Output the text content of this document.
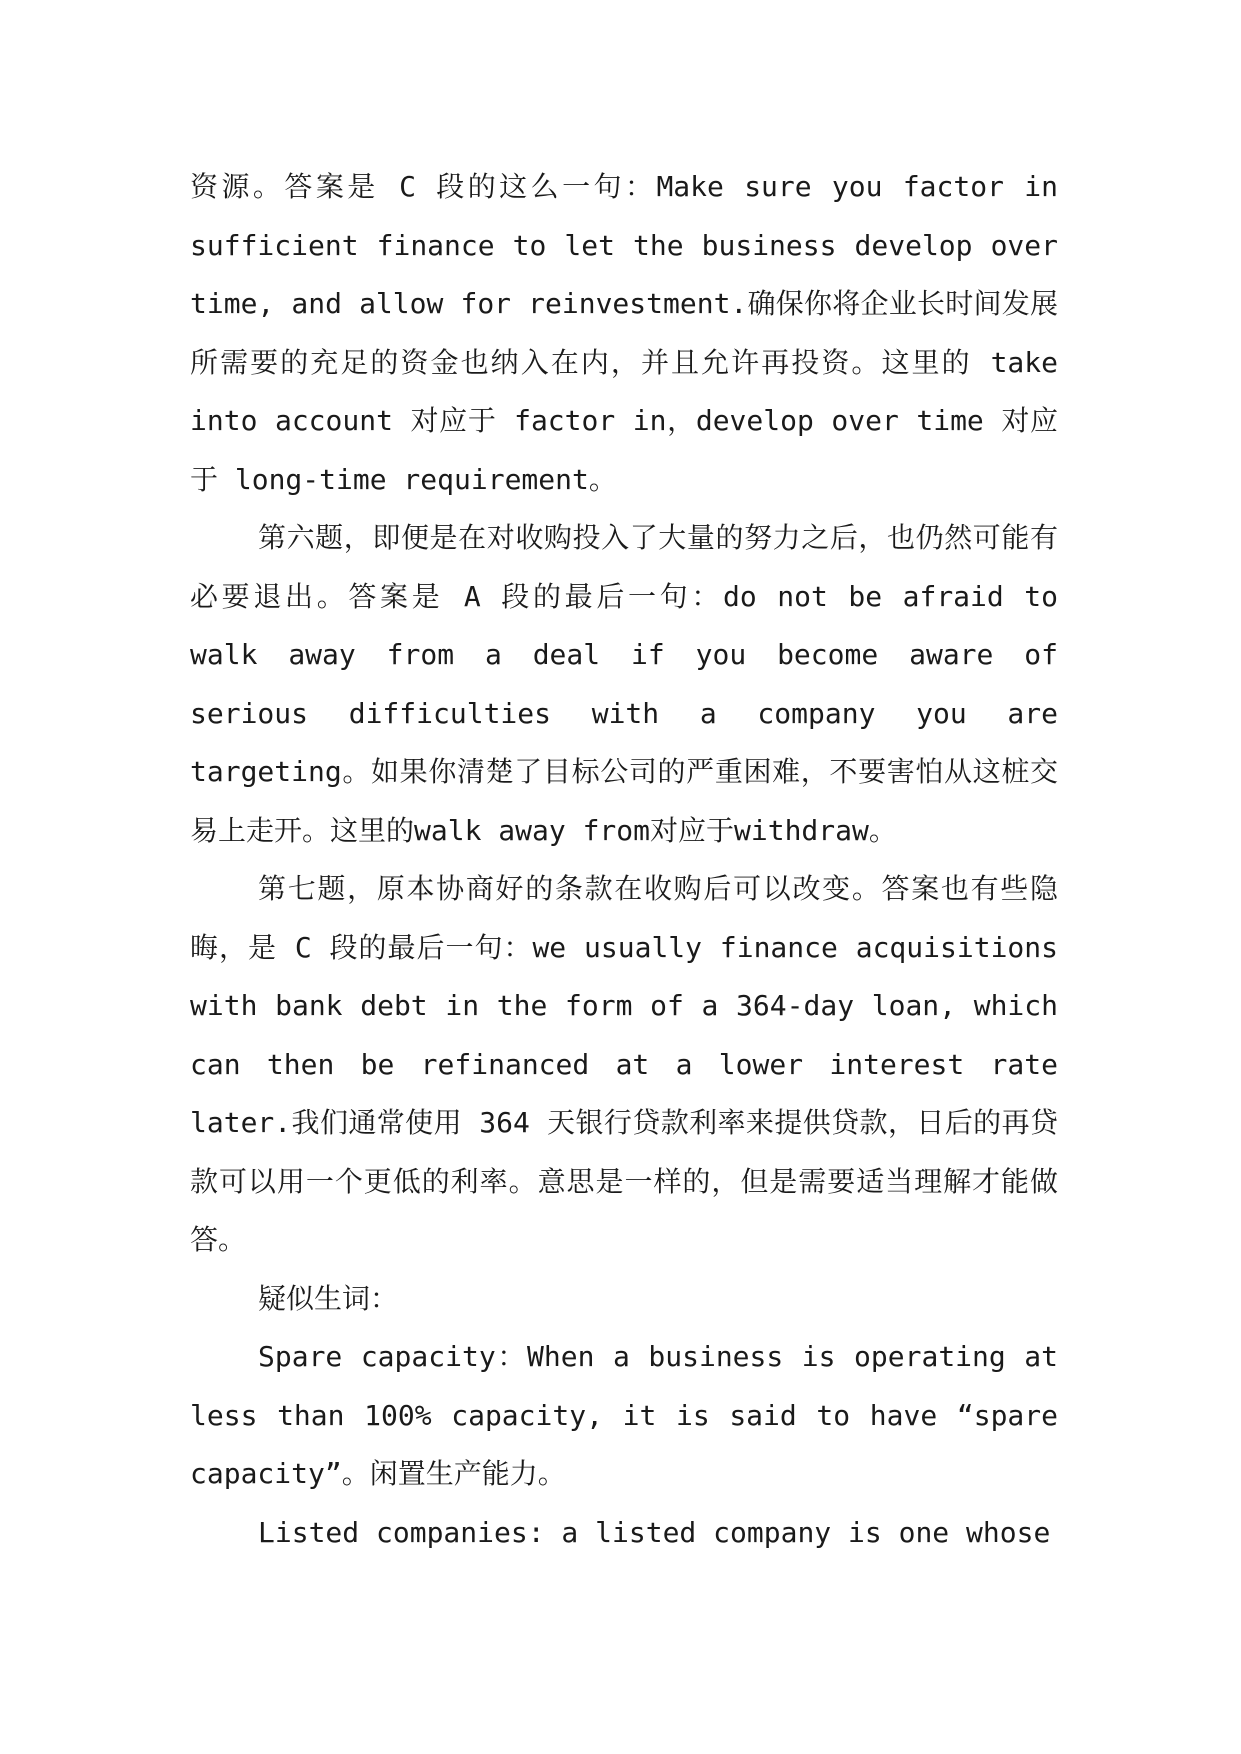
资源。答案是 C 段的这么一句：Make sure you factor in sufficient finance to let the business develop over time, and allow for reinvestment.确保你将企业长时间发展所需要的充足的资金也纳入在内，并且允许再投资。这里的 take into account 对应于 factor in，develop over time 对应于 long-time requirement。

第六题，即便是在对收购投入了大量的努力之后，也仍然可能有必要退出。答案是 A 段的最后一句：do not be afraid to walk away from a deal if you become aware of serious difficulties with a company you are targeting。如果你清楚了目标公司的严重困难，不要害怕从这桩交易上走开。这里的walk away from对应于withdraw。

第七题，原本协商好的条款在收购后可以改变。答案也有些隐晦，是 C 段的最后一句：we usually finance acquisitions with bank debt in the form of a 364-day loan, which can then be refinanced at a lower interest rate later.我们通常使用 364 天银行贷款利率来提供贷款，日后的再贷款可以用一个更低的利率。意思是一样的，但是需要适当理解才能做答。

疑似生词：

Spare capacity：When a business is operating at less than 100% capacity, it is said to have “spare capacity”。闲置生产能力。

Listed companies: a listed company is one whose
